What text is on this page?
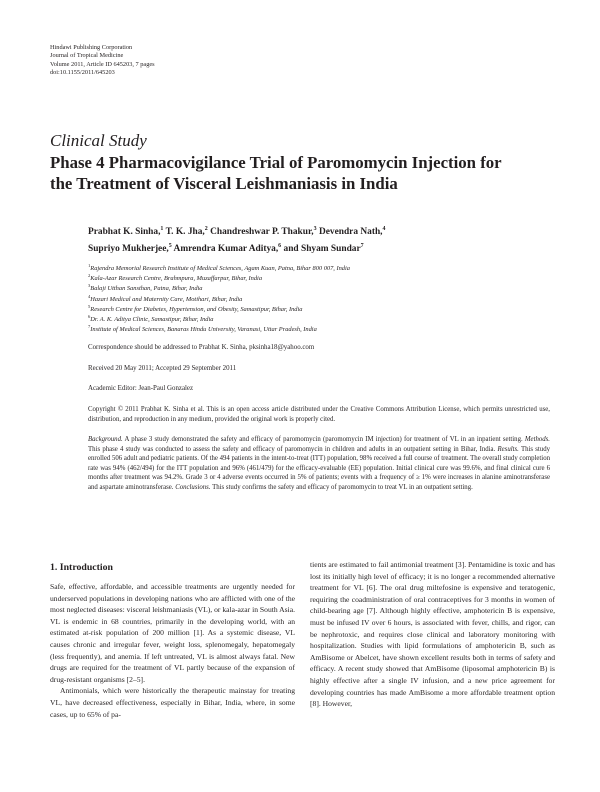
Hindawi Publishing Corporation
Journal of Tropical Medicine
Volume 2011, Article ID 645203, 7 pages
doi:10.1155/2011/645203
Clinical Study
Phase 4 Pharmacovigilance Trial of Paromomycin Injection for
the Treatment of Visceral Leishmaniasis in India
Prabhat K. Sinha,$^1$ T. K. Jha,$^2$ Chandreshwar P. Thakur,$^3$ Devendra Nath,$^4$
Supriyo Mukherjee,$^5$ Amrendra Kumar Aditya,$^6$ and Shyam Sundar$^7$
$^1$Rajendra Memorial Research Institute of Medical Sciences, Agam Kuan, Patna, Bihar 800 007, India
$^2$Kala-Azar Research Centre, Brahmpura, Muzaffarpur, Bihar, India
$^3$Balaji Utthan Sansthan, Patna, Bihar, India
$^4$Hazari Medical and Maternity Care, Motihari, Bihar, India
$^5$Research Centre for Diabetes, Hypertension, and Obesity, Samastipur, Bihar, India
$^6$Dr. A. K. Aditya Clinic, Samastipur, Bihar, India
$^7$Institute of Medical Sciences, Banaras Hindu University, Varanasi, Uttar Pradesh, India
Correspondence should be addressed to Prabhat K. Sinha, pksinha18@yahoo.com
Received 20 May 2011; Accepted 29 September 2011
Academic Editor: Jean-Paul Gonzalez
Copyright © 2011 Prabhat K. Sinha et al. This is an open access article distributed under the Creative Commons Attribution License, which permits unrestricted use, distribution, and reproduction in any medium, provided the original work is properly cited.
Background. A phase 3 study demonstrated the safety and efficacy of paromomycin (paromomycin IM injection) for treatment of VL in an inpatient setting. Methods. This phase 4 study was conducted to assess the safety and efficacy of paromomycin in children and adults in an outpatient setting in Bihar, India. Results. This study enrolled 506 adult and pediatric patients. Of the 494 patients in the intent-to-treat (ITT) population, 98% received a full course of treatment. The overall study completion rate was 94% (462/494) for the ITT population and 96% (461/479) for the efficacy-evaluable (EE) population. Initial clinical cure was 99.6%, and final clinical cure 6 months after treatment was 94.2%. Grade 3 or 4 adverse events occurred in 5% of patients; events with a frequency of ≥ 1% were increases in alanine aminotransferase and aspartate aminotransferase. Conclusions. This study confirms the safety and efficacy of paromomycin to treat VL in an outpatient setting.
1. Introduction

Safe, effective, affordable, and accessible treatments are urgently needed for underserved populations in developing nations who are afflicted with one of the most neglected diseases: visceral leishmaniasis (VL), or kala-azar in South Asia. VL is endemic in 68 countries, primarily in the developing world, with an estimated at-risk population of 200 million [1]. As a systemic disease, VL causes chronic and irregular fever, weight loss, splenomegaly, hepatomegaly (less frequently), and anemia. If left untreated, VL is almost always fatal. New drugs are required for the treatment of VL partly because of the expansion of drug-resistant organisms [2–5].

Antimonials, which were historically the therapeutic mainstay for treating VL, have decreased effectiveness, especially in Bihar, India, where, in some cases, up to 65% of pa-

tients are estimated to fail antimonial treatment [3]. Pentamidine is toxic and has lost its initially high level of efficacy; it is no longer a recommended alternative treatment for VL [6]. The oral drug miltefosine is expensive and teratogenic, requiring the coadministration of oral contraceptives for 3 months in women of child-bearing age [7]. Although highly effective, amphotericin B is expensive, must be infused IV over 6 hours, is associated with fever, chills, and rigor, can be nephrotoxic, and requires close clinical and laboratory monitoring with hospitalization. Studies with lipid formulations of amphotericin B, such as AmBisome or Abelcet, have shown excellent results both in terms of safety and efficacy. A recent study showed that AmBisome (liposomal amphotericin B) is highly effective after a single IV infusion, and a new price agreement for developing countries has made AmBisome a more affordable treatment option [8]. However,
